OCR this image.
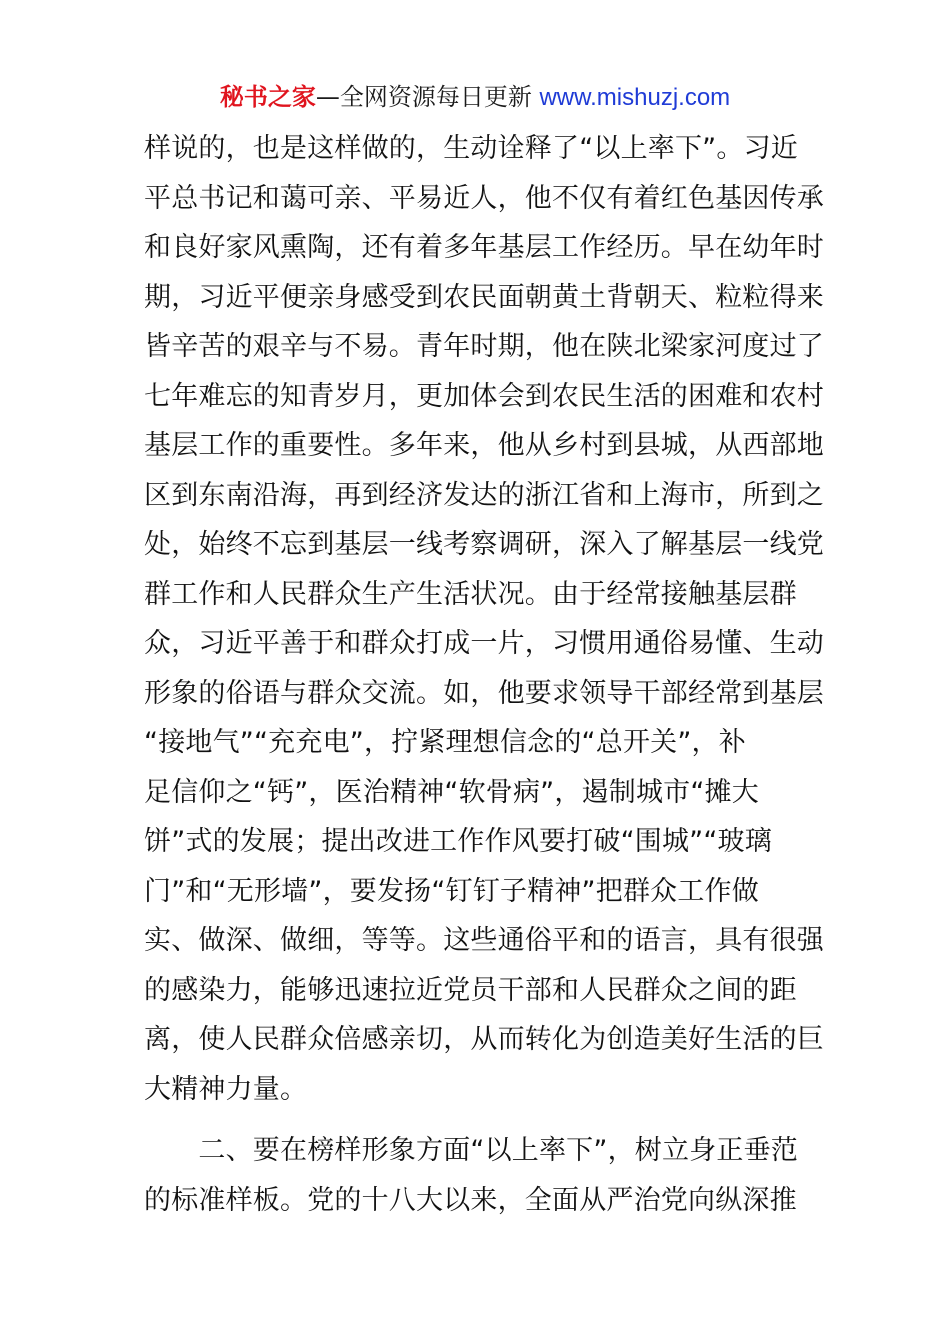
秘书之家—全网资源每日更新 www.mishuzj.com
样说的，也是这样做的，生动诠释了“以上率下”。习近
平总书记和蔼可亲、平易近人，他不仅有着红色基因传承
和良好家风熏陶，还有着多年基层工作经历。早在幼年时
期，习近平便亲身感受到农民面朝黄土背朝天、粒粒得来
皆辛苦的艰辛与不易。青年时期，他在陕北梁家河度过了
七年难忘的知青岁月，更加体会到农民生活的困难和农村
基层工作的重要性。多年来，他从乡村到县城，从西部地
区到东南沿海，再到经济发达的浙江省和上海市，所到之
处，始终不忘到基层一线考察调研，深入了解基层一线党
群工作和人民群众生产生活状况。由于经常接触基层群
众，习近平善于和群众打成一片，习惯用通俗易懂、生动
形象的俗语与群众交流。如，他要求领导干部经常到基层
“接地气”“充充电”，拧紧理想信念的“总开关”，补
足信仰之“钙”，医治精神“软骨病”，遏制城市“摊大
饼”式的发展；提出改进工作作风要打破“围城”“玻璃
门”和“无形墙”，要发扬“钉钉子精神”把群众工作做
实、做深、做细，等等。这些通俗平和的语言，具有很强
的感染力，能够迅速拉近党员干部和人民群众之间的距
离，使人民群众倍感亲切，从而转化为创造美好生活的巨
大精神力量。
　　二、要在榜样形象方面“以上率下”，树立身正垂范
的标准样板。党的十八大以来，全面从严治党向纵深推
